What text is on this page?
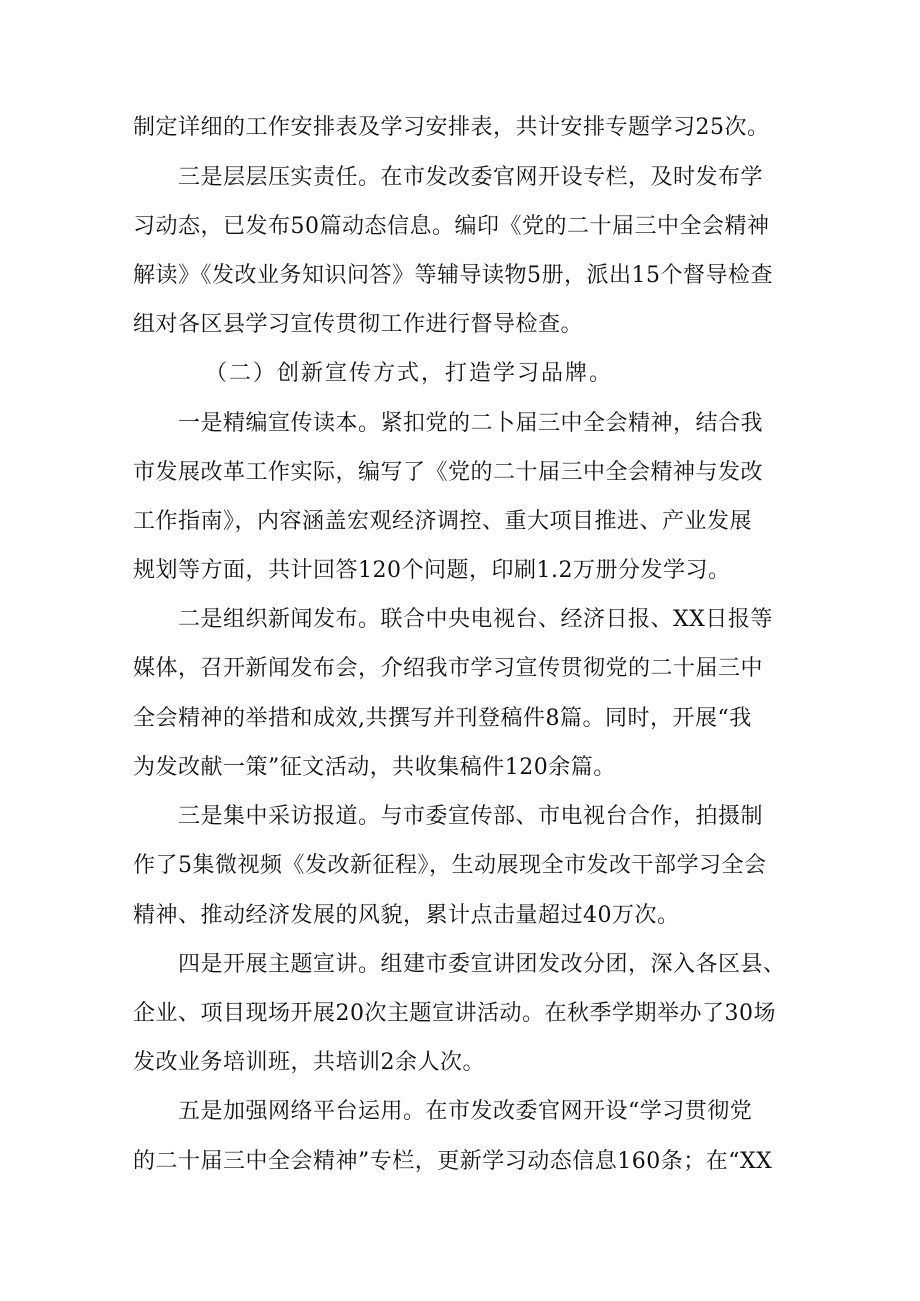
制定详细的工作安排表及学习安排表，共计安排专题学习25次。
三是层层压实责任。在市发改委官网开设专栏，及时发布学
习动态，已发布50篇动态信息。编印《党的二十届三中全会精神
解读》《发改业务知识问答》等辅导读物5册，派出15个督导检查
组对各区县学习宣传贯彻工作进行督导检查。
（二）创新宣传方式，打造学习品牌。
一是精编宣传读本。紧扣党的二卜届三中全会精神，结合我
市发展改革工作实际，编写了《党的二十届三中全会精神与发改
工作指南》，内容涵盖宏观经济调控、重大项目推进、产业发展
规划等方面，共计回答120个问题，印刷1.2万册分发学习。
二是组织新闻发布。联合中央电视台、经济日报、XX日报等
媒体，召开新闻发布会，介绍我市学习宣传贯彻党的二十届三中
全会精神的举措和成效,共撰写并刊登稿件8篇。同时，开展“我
为发改献一策”征文活动，共收集稿件120余篇。
三是集中采访报道。与市委宣传部、市电视台合作，拍摄制
作了5集微视频《发改新征程》，生动展现全市发改干部学习全会
精神、推动经济发展的风貌，累计点击量超过40万次。
四是开展主题宣讲。组建市委宣讲团发改分团，深入各区县、
企业、项目现场开展20次主题宣讲活动。在秋季学期举办了30场
发改业务培训班，共培训2余人次。
五是加强网络平台运用。在市发改委官网开设“学习贯彻党
的二十届三中全会精神”专栏，更新学习动态信息160条；在“XX
